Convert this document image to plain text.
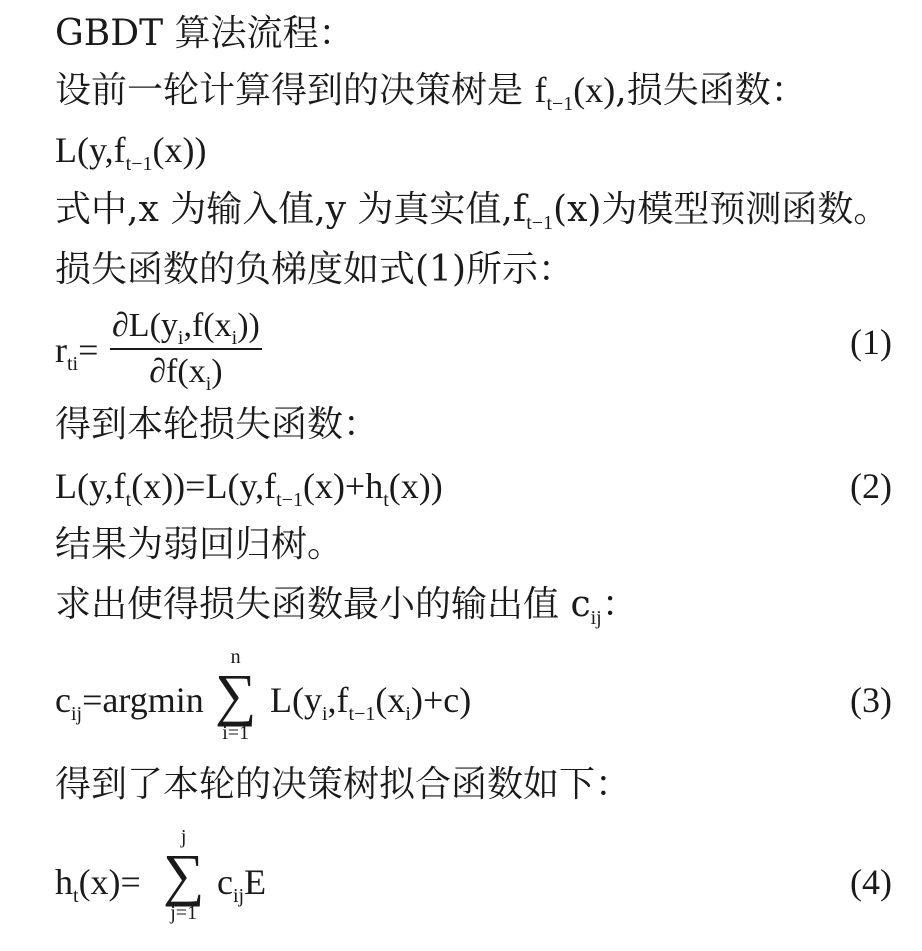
GBDT 算法流程：
设前一轮计算得到的决策树是 $f_{t-1}(x)$,损失函数：
$L(y,f_{t-1}(x))$
式中,x 为输入值,y 为真实值$,f_{t-1}(x)$为模型预测函数。
损失函数的负梯度如式(1)所示：
$r_{ti}=$
$\partial L(y_i,f(x_i))$
$\partial f(x_i)$
(1)
得到本轮损失函数：
$L(y,f_t(x))=L(y,f_{t-1}(x)+h_t(x))$	(2)
结果为弱回归树。
求出使得损失函数最小的输出值 $c_{ij}$：
$c_{ij}=argmin$
n
∑
i=1
$L(y_i,f_{t-1}(x_i)+c)$	(3)
得到了本轮的决策树拟合函数如下：
$h_t(x)=$
j
∑
j=1
$c_{ij}E$	(4)
